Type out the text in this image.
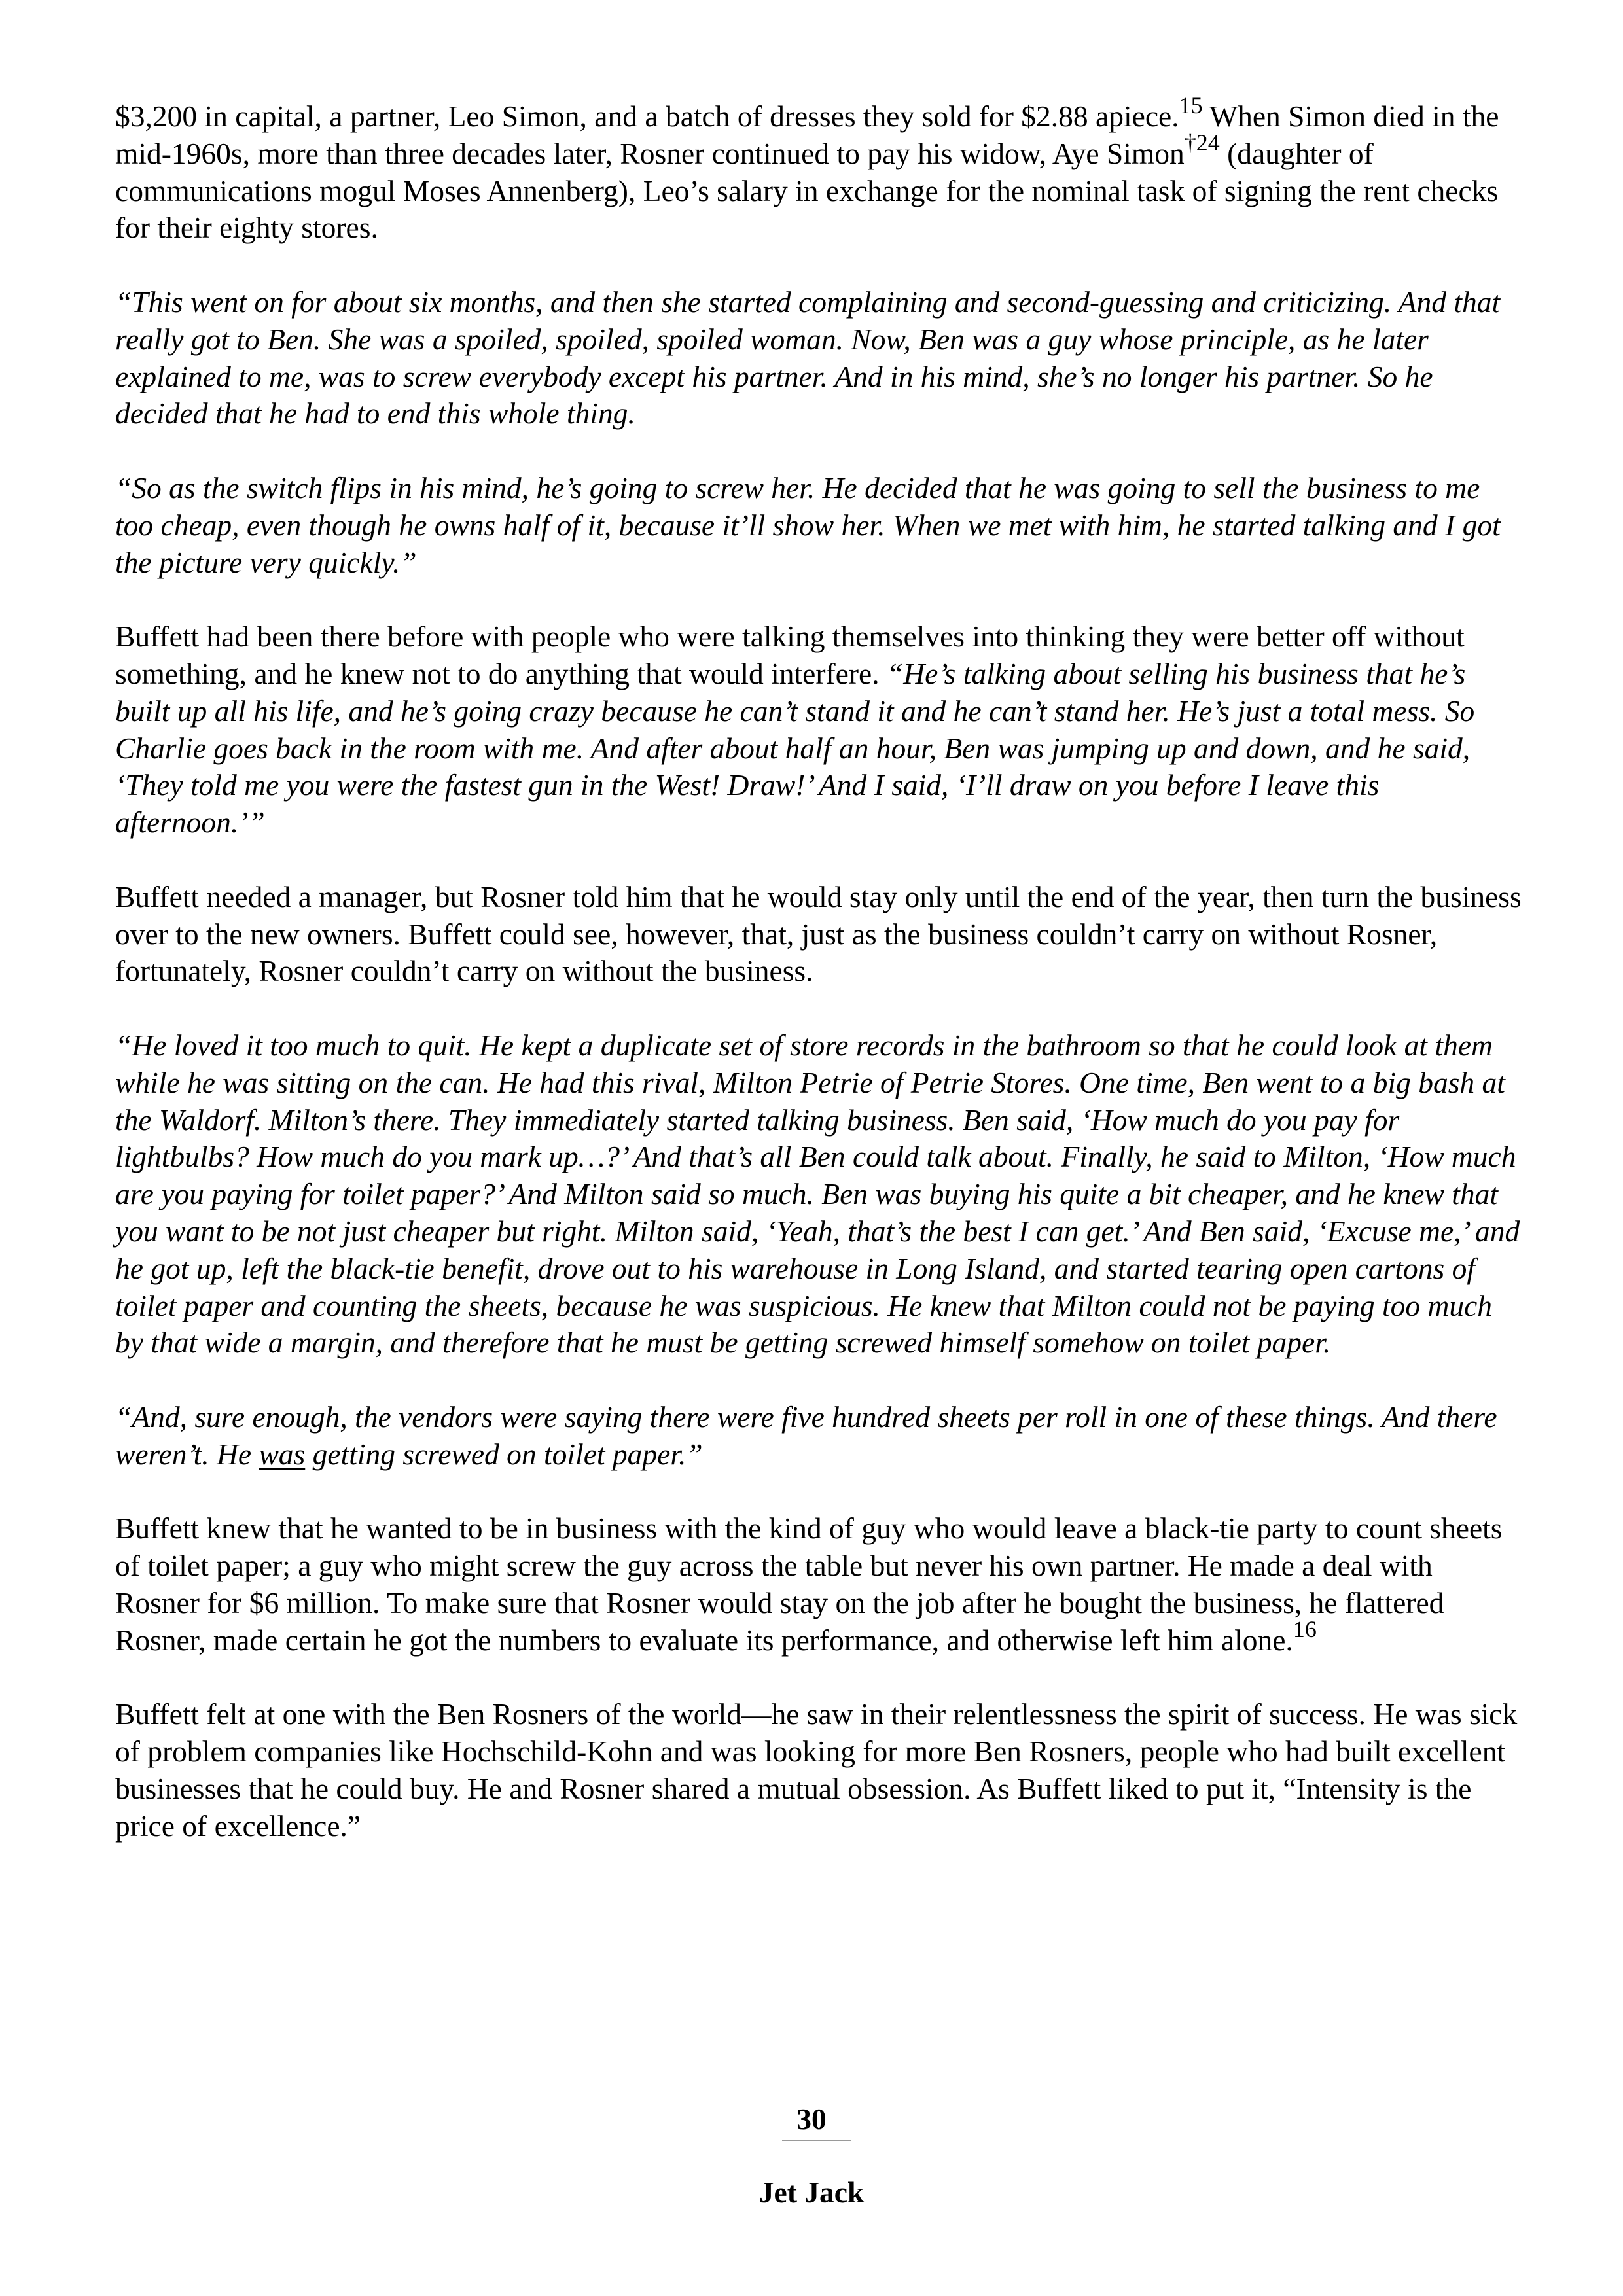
$3,200 in capital, a partner, Leo Simon, and a batch of dresses they sold for $2.88 apiece.$^{15}$ When Simon died in the mid-1960s, more than three decades later, Rosner continued to pay his widow, Aye Simon$^{\dagger 24}$ (daughter of communications mogul Moses Annenberg), Leo’s salary in exchange for the nominal task of signing the rent checks for their eighty stores.

“This went on for about six months, and then she started complaining and second-guessing and criticizing. And that really got to Ben. She was a spoiled, spoiled, spoiled woman. Now, Ben was a guy whose principle, as he later explained to me, was to screw everybody except his partner. And in his mind, she’s no longer his partner. So he decided that he had to end this whole thing.

“So as the switch flips in his mind, he’s going to screw her. He decided that he was going to sell the business to me too cheap, even though he owns half of it, because it’ll show her. When we met with him, he started talking and I got the picture very quickly.”

Buffett had been there before with people who were talking themselves into thinking they were better off without something, and he knew not to do anything that would interfere. “He’s talking about selling his business that he’s built up all his life, and he’s going crazy because he can’t stand it and he can’t stand her. He’s just a total mess. So Charlie goes back in the room with me. And after about half an hour, Ben was jumping up and down, and he said, ‘They told me you were the fastest gun in the West! Draw!’ And I said, ‘I’ll draw on you before I leave this afternoon.’”

Buffett needed a manager, but Rosner told him that he would stay only until the end of the year, then turn the business over to the new owners. Buffett could see, however, that, just as the business couldn’t carry on without Rosner, fortunately, Rosner couldn’t carry on without the business.

“He loved it too much to quit. He kept a duplicate set of store records in the bathroom so that he could look at them while he was sitting on the can. He had this rival, Milton Petrie of Petrie Stores. One time, Ben went to a big bash at the Waldorf. Milton’s there. They immediately started talking business. Ben said, ‘How much do you pay for lightbulbs? How much do you mark up…?’ And that’s all Ben could talk about. Finally, he said to Milton, ‘How much are you paying for toilet paper?’ And Milton said so much. Ben was buying his quite a bit cheaper, and he knew that you want to be not just cheaper but right. Milton said, ‘Yeah, that’s the best I can get.’ And Ben said, ‘Excuse me,’ and he got up, left the black-tie benefit, drove out to his warehouse in Long Island, and started tearing open cartons of toilet paper and counting the sheets, because he was suspicious. He knew that Milton could not be paying too much by that wide a margin, and therefore that he must be getting screwed himself somehow on toilet paper.

“And, sure enough, the vendors were saying there were five hundred sheets per roll in one of these things. And there weren’t. He was getting screwed on toilet paper.”

Buffett knew that he wanted to be in business with the kind of guy who would leave a black-tie party to count sheets of toilet paper; a guy who might screw the guy across the table but never his own partner. He made a deal with Rosner for $6 million. To make sure that Rosner would stay on the job after he bought the business, he flattered Rosner, made certain he got the numbers to evaluate its performance, and otherwise left him alone.$^{16}$

Buffett felt at one with the Ben Rosners of the world—he saw in their relentlessness the spirit of success. He was sick of problem companies like Hochschild-Kohn and was looking for more Ben Rosners, people who had built excellent businesses that he could buy. He and Rosner shared a mutual obsession. As Buffett liked to put it, “Intensity is the price of excellence.”

30
Jet Jack
